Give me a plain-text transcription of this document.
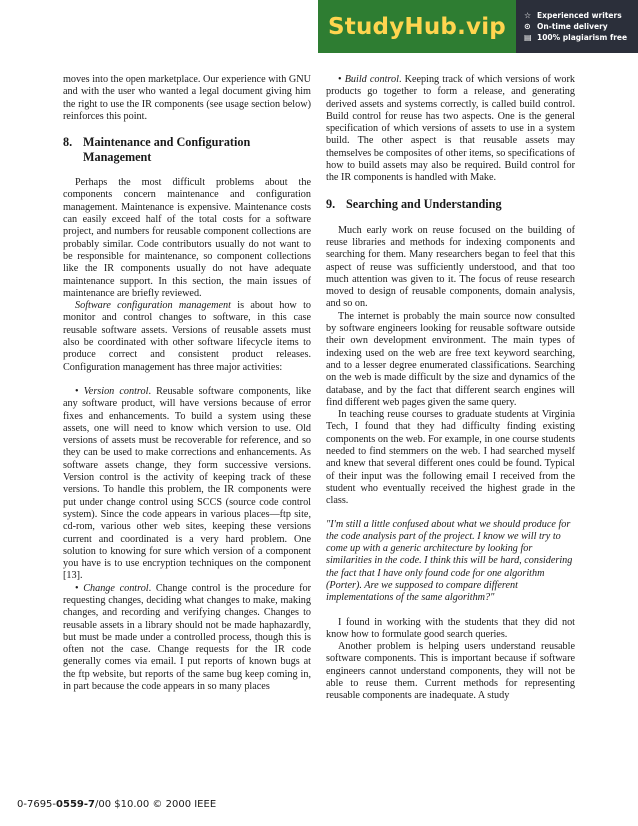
StudyHub.vip	☆ Experienced writers
⊙ On-time delivery
▤ 100% plagiarism free

moves into the open marketplace. Our experience with GNU and with the user who wanted a legal document giving him the right to use the IR components (see usage section below) reinforces this point.

8. Maintenance and Configuration Management

Perhaps the most difficult problems about the components concern maintenance and configuration management. Maintenance is expensive. Maintenance costs can easily exceed half of the total costs for a software project, and numbers for reusable component collections are probably similar. Code contributors usually do not want to be responsible for maintenance, so component collections like the IR components usually do not have adequate maintenance support. In this section, the main issues of maintenance are briefly reviewed.

Software configuration management is about how to monitor and control changes to software, in this case reusable software assets. Versions of reusable assets must also be coordinated with other software lifecycle items to produce correct and consistent product releases. Configuration management has three major activities:

• Version control. Reusable software components, like any software product, will have versions because of error fixes and enhancements. To build a system using these assets, one will need to know which version to use. Old versions of assets must be recoverable for reference, and so they can be used to make corrections and enhancements. As software assets change, they form successive versions. Version control is the activity of keeping track of these versions. To handle this problem, the IR components were put under change control using SCCS (source code control system). Since the code appears in various places—ftp site, cd-rom, various other web sites, keeping these versions current and coordinated is a very hard problem. One solution to knowing for sure which version of a component you have is to use encryption techniques on the component [13].

• Change control. Change control is the procedure for requesting changes, deciding what changes to make, making changes, and recording and verifying changes. Changes to reusable assets in a library should not be made haphazardly, but must be made under a controlled process, though this is often not the case. Change requests for the IR code generally comes via email. I put reports of known bugs at the ftp website, but reports of the same bug keep coming in, in part because the code appears in so many places

• Build control. Keeping track of which versions of work products go together to form a release, and generating derived assets and systems correctly, is called build control. Build control for reuse has two aspects. One is the general specification of which versions of assets to use in a system build. The other aspect is that reusable assets may themselves be composites of other items, so specifications of how to build assets may also be required. Build control for the IR components is handled with Make.

9. Searching and Understanding

Much early work on reuse focused on the building of reuse libraries and methods for indexing components and searching for them. Many researchers began to feel that this aspect of reuse was sufficiently understood, and that too much attention was given to it. The focus of reuse research moved to design of reusable components, domain analysis, and so on.

The internet is probably the main source now consulted by software engineers looking for reusable software outside their own development environment. The main types of indexing used on the web are free text keyword searching, and to a lesser degree enumerated classifications. Searching on the web is made difficult by the size and dynamics of the database, and by the fact that different search engines will find different web pages given the same query.

In teaching reuse courses to graduate students at Virginia Tech, I found that they had difficulty finding existing components on the web. For example, in one course students needed to find stemmers on the web. I had searched myself and knew that several different ones could be found. Typical of their input was the following email I received from the student who eventually received the highest grade in the class.

"I'm still a little confused about what we should produce for the code analysis part of the project. I know we will try to come up with a generic architecture by looking for similarities in the code. I think this will be hard, considering the fact that I have only found code for one algorithm (Porter). Are we supposed to compare different implementations of the same algorithm?"

I found in working with the students that they did not know how to formulate good search queries.

Another problem is helping users understand reusable software components. This is important because if software engineers cannot understand components, they will not be able to reuse them. Current methods for representing reusable components are inadequate. A study

0-7695-0559-7/00 $10.00 © 2000 IEEE
